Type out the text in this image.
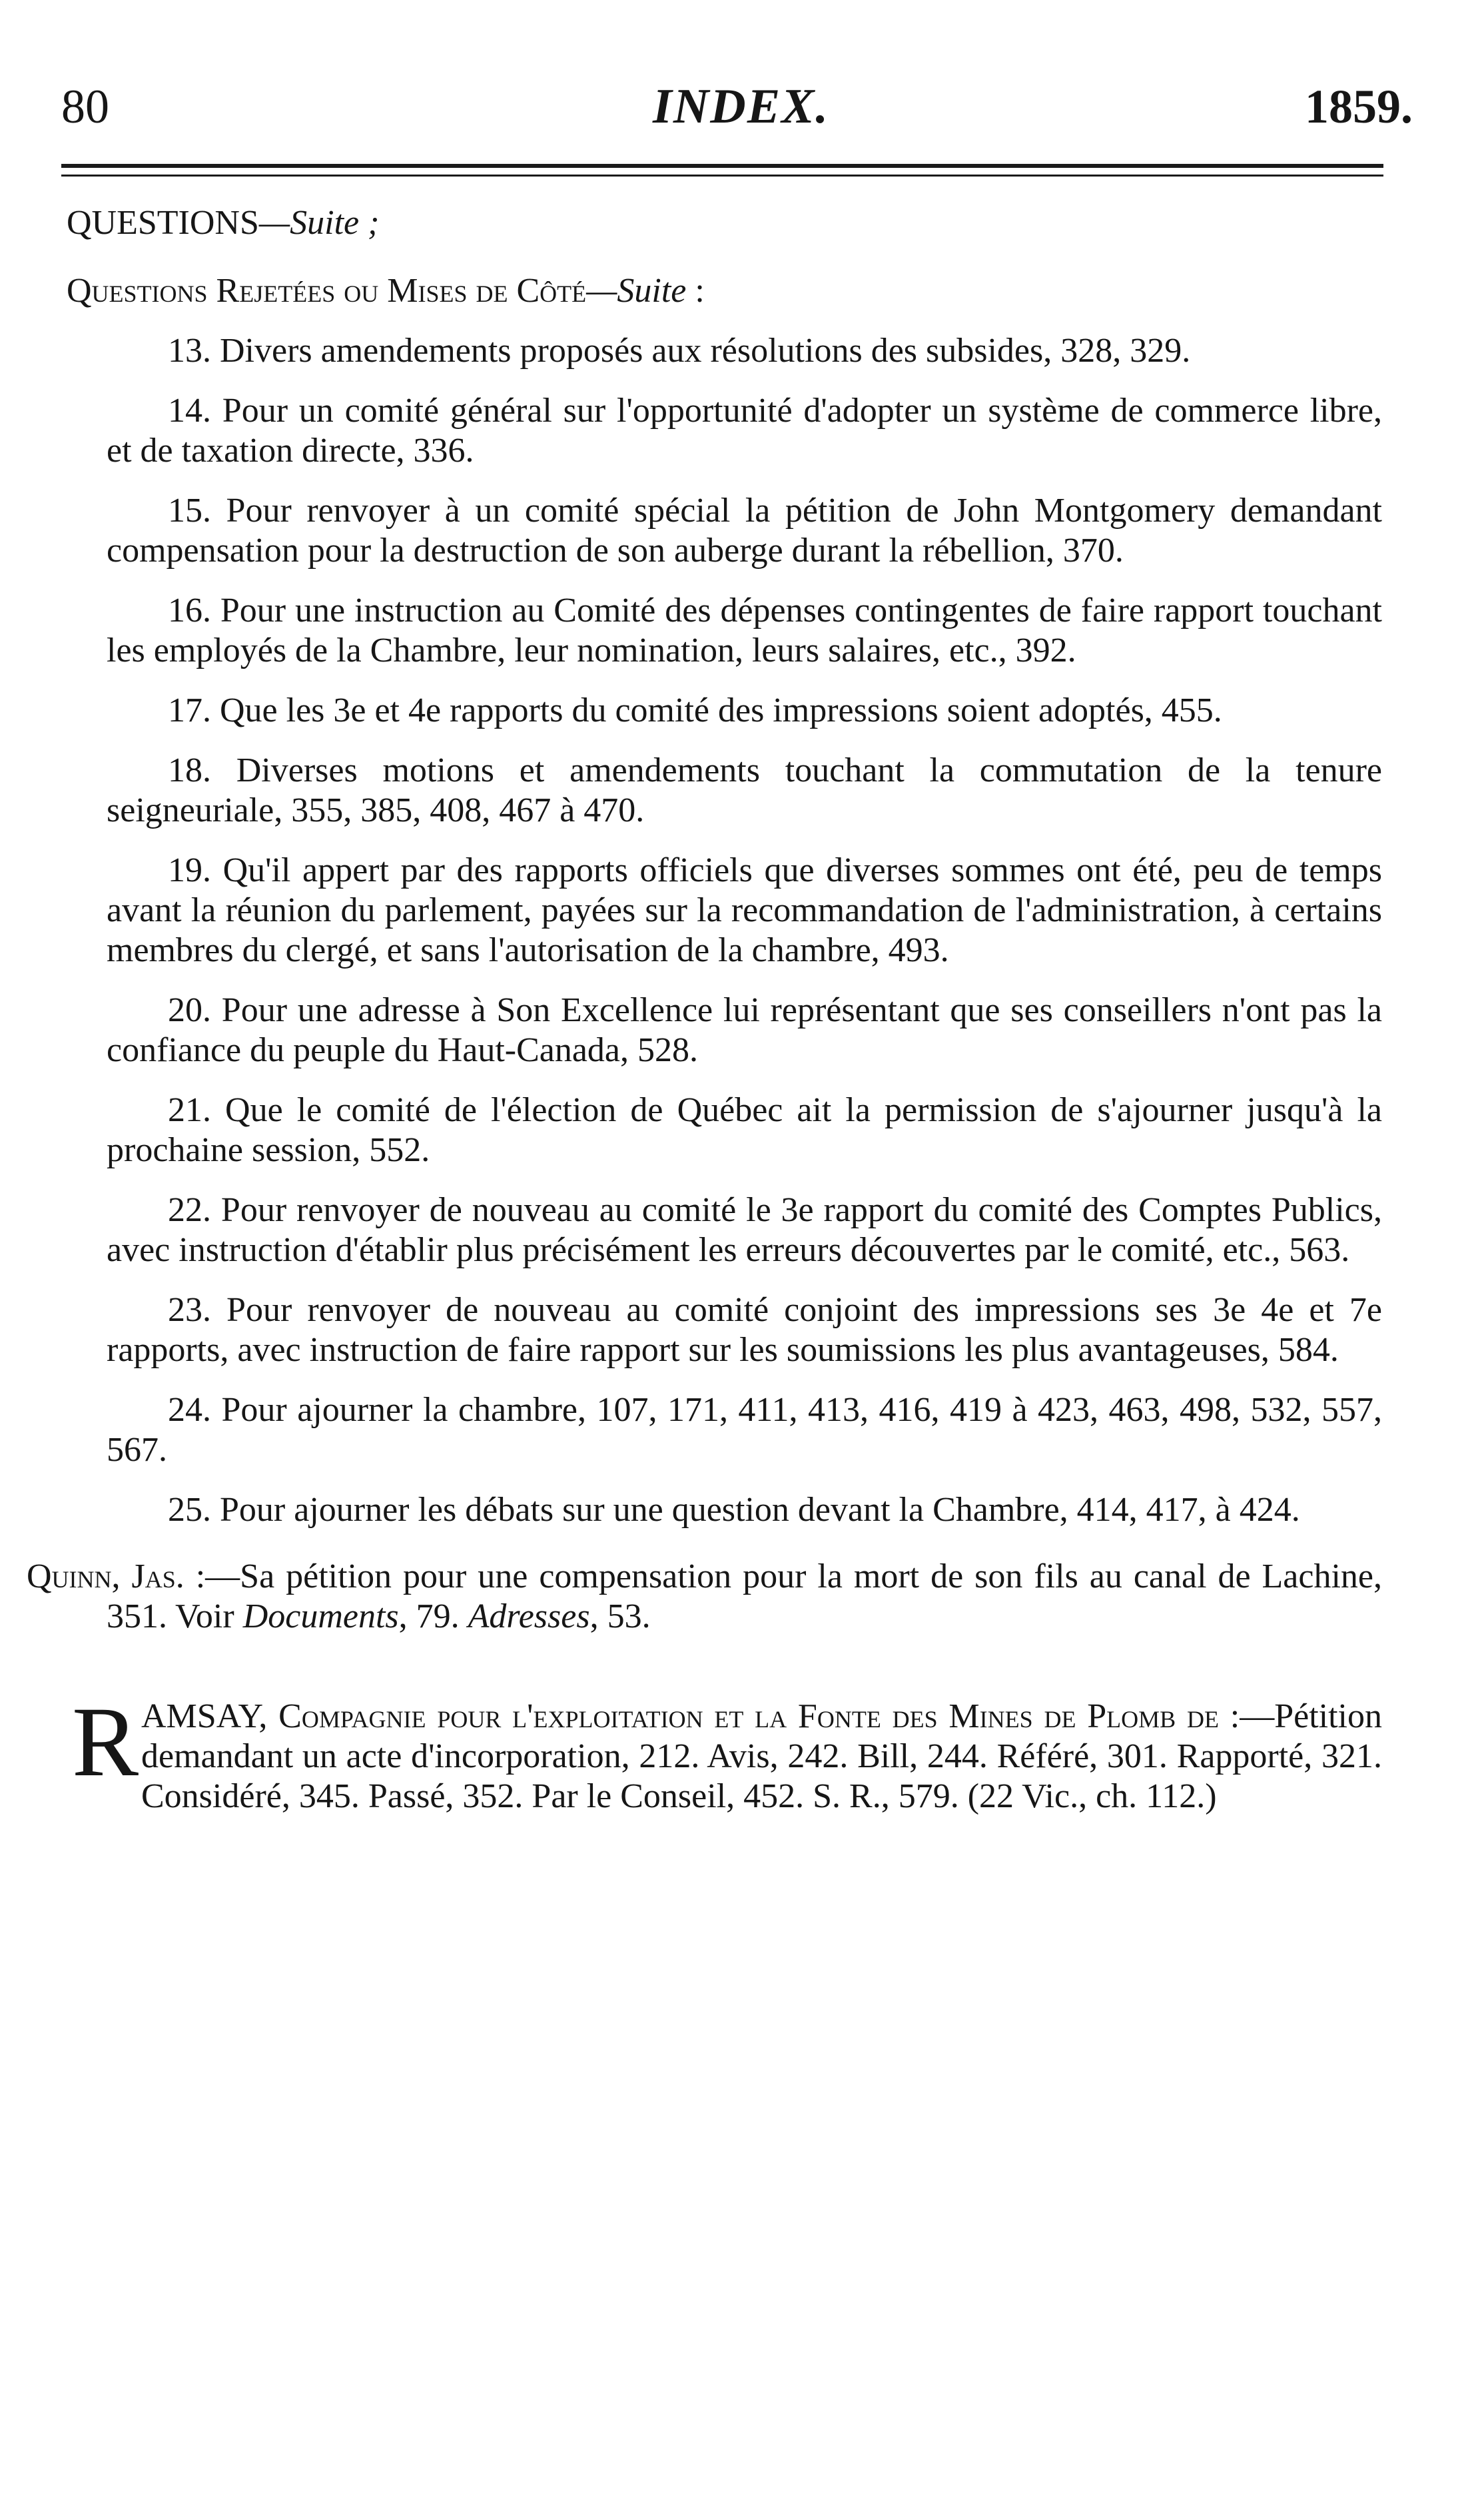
80	INDEX.	1859.

QUESTIONS—Suite ;

Questions Rejetées ou Mises de Côté—Suite :

13. Divers amendements proposés aux résolutions des subsides, 328, 329.

14. Pour un comité général sur l'opportunité d'adopter un système de commerce libre, et de taxation directe, 336.

15. Pour renvoyer à un comité spécial la pétition de John Montgomery demandant compensation pour la destruction de son auberge durant la rébellion, 370.

16. Pour une instruction au Comité des dépenses contingentes de faire rapport touchant les employés de la Chambre, leur nomination, leurs salaires, etc., 392.

17. Que les 3e et 4e rapports du comité des impressions soient adoptés, 455.

18. Diverses motions et amendements touchant la commutation de la tenure seigneuriale, 355, 385, 408, 467 à 470.

19. Qu'il appert par des rapports officiels que diverses sommes ont été, peu de temps avant la réunion du parlement, payées sur la recommandation de l'administration, à certains membres du clergé, et sans l'autorisation de la chambre, 493.

20. Pour une adresse à Son Excellence lui représentant que ses conseillers n'ont pas la confiance du peuple du Haut-Canada, 528.

21. Que le comité de l'élection de Québec ait la permission de s'ajourner jusqu'à la prochaine session, 552.

22. Pour renvoyer de nouveau au comité le 3e rapport du comité des Comptes Publics, avec instruction d'établir plus précisément les erreurs découvertes par le comité, etc., 563.

23. Pour renvoyer de nouveau au comité conjoint des impressions ses 3e 4e et 7e rapports, avec instruction de faire rapport sur les soumissions les plus avantageuses, 584.

24. Pour ajourner la chambre, 107, 171, 411, 413, 416, 419 à 423, 463, 498, 532, 557, 567.

25. Pour ajourner les débats sur une question devant la Chambre, 414, 417, à 424.

Quinn, Jas. :—Sa pétition pour une compensation pour la mort de son fils au canal de Lachine, 351. Voir Documents, 79. Adresses, 53.

R AMSAY, Compagnie pour l'exploitation et la Fonte des Mines de Plomb de :—Pétition demandant un acte d'incorporation, 212. Avis, 242. Bill, 244. Référé, 301. Rapporté, 321. Considéré, 345. Passé, 352. Par le Conseil, 452. S. R., 579. (22 Vic., ch. 112.)
